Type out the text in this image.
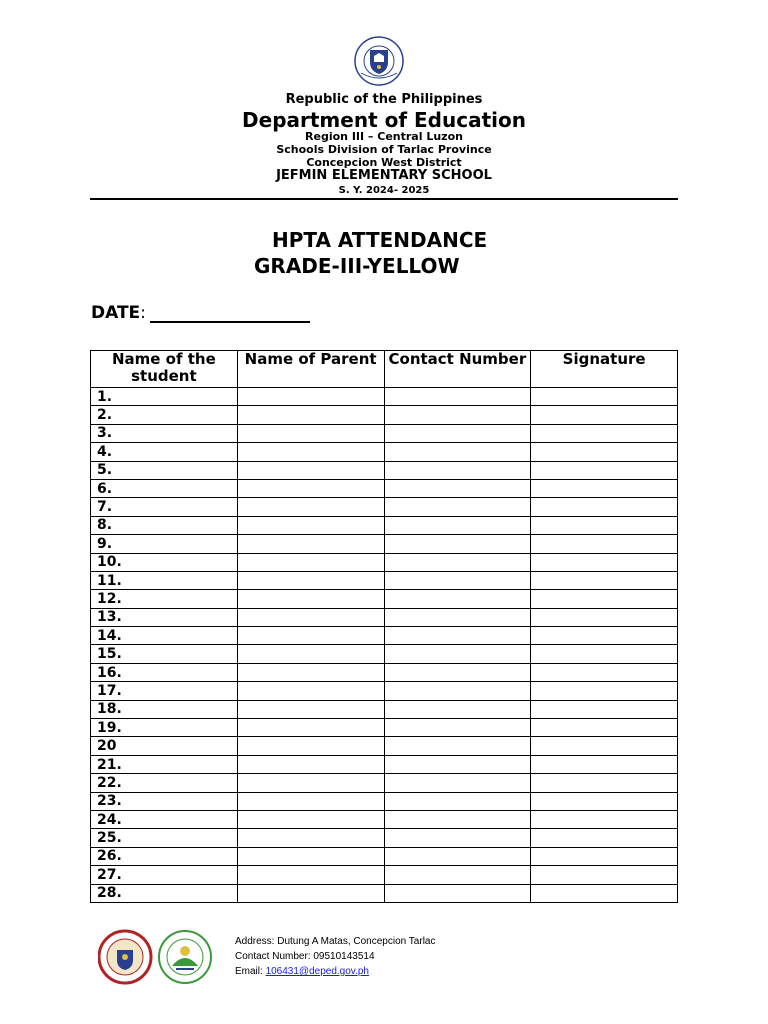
Republic of the Philippines
Department of Education
Region III – Central Luzon
Schools Division of Tarlac Province
Concepcion West District
JEFMIN ELEMENTARY SCHOOL
S. Y. 2024- 2025
HPTA ATTENDANCE
GRADE-III-YELLOW
DATE:
Name of the student	Name of Parent	Contact Number	Signature
1.			
2.			
3.			
4.			
5.			
6.			
7.			
8.			
9.			
10.			
11.			
12.			
13.			
14.			
15.			
16.			
17.			
18.			
19.			
20			
21.			
22.			
23.			
24.			
25.			
26.			
27.			
28.			
Address: Dutung A Matas, Concepcion Tarlac
Contact Number: 09510143514
Email: 106431@deped.gov.ph
